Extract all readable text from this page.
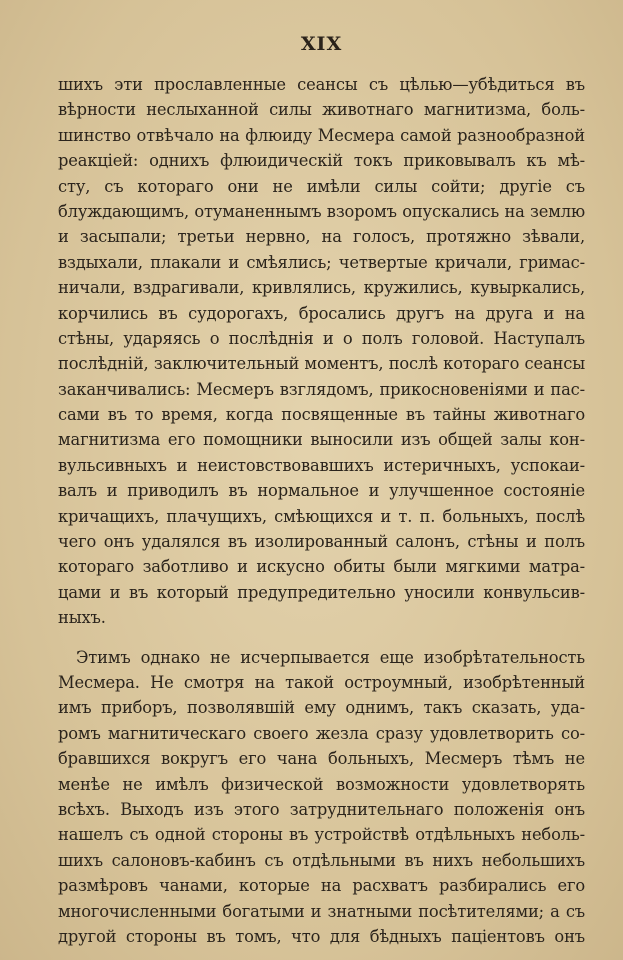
XIX
шихъ эти прославленные сеансы съ цѣлью—убѣдиться въ
вѣрности неслыханной силы животнаго магнитизма, боль-
шинство отвѣчало на флюиду Месмера самой разнообразной
реакціей: однихъ флюидическій токъ приковывалъ къ мѣ-
сту, съ котораго они не имѣли силы сойти; другіе съ
блуждающимъ, отуманеннымъ взоромъ опускались на землю
и засыпали; третьи нервно, на голосъ, протяжно зѣвали,
вздыхали, плакали и смѣялись; четвертые кричали, гримас-
ничали, вздрагивали, кривлялись, кружились, кувыркались,
корчились въ судорогахъ, бросались другъ на друга и на
стѣны, ударяясь о послѣднія и о полъ головой. Наступалъ
послѣдній, заключительный моментъ, послѣ котораго сеансы
заканчивались: Месмеръ взглядомъ, прикосновеніями и пас-
сами въ то время, когда посвященные въ тайны животнаго
магнитизма его помощники выносили изъ общей залы кон-
вульсивныхъ и неистовствовавшихъ истеричныхъ, успокаи-
валъ и приводилъ въ нормальное и улучшенное состояніе
кричащихъ, плачущихъ, смѣющихся и т. п. больныхъ, послѣ
чего онъ удалялся въ изолированный салонъ, стѣны и полъ
котораго заботливо и искусно обиты были мягкими матра-
цами и въ который предупредительно уносили конвульсив-
ныхъ.
Этимъ однако не исчерпывается еще изобрѣтательность
Месмера. Не смотря на такой остроумный, изобрѣтенный
имъ приборъ, позволявшій ему однимъ, такъ сказать, уда-
ромъ магнитическаго своего жезла сразу удовлетворить со-
бравшихся вокругъ его чана больныхъ, Месмеръ тѣмъ не
менѣе не имѣлъ физической возможности удовлетворять
всѣхъ. Выходъ изъ этого затруднительнаго положенія онъ
нашелъ съ одной стороны въ устройствѣ отдѣльныхъ неболь-
шихъ салоновъ-кабинъ съ отдѣльными въ нихъ небольшихъ
размѣровъ чанами, которые на расхватъ разбирались его
многочисленными богатыми и знатными посѣтителями; а съ
другой стороны въ томъ, что для бѣдныхъ паціентовъ онъ
